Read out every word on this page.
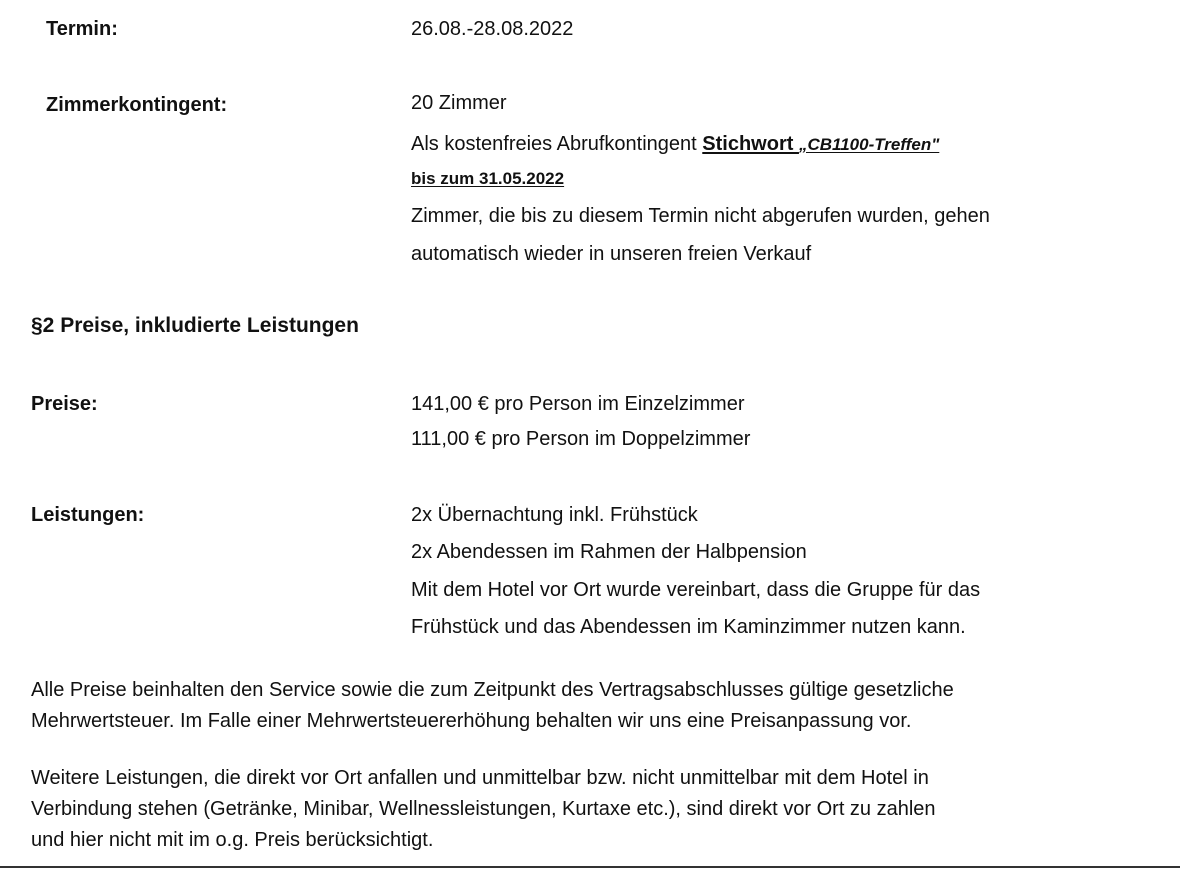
Termin:	26.08.-28.08.2022
Zimmerkontingent:	20 Zimmer
Als kostenfreies Abrufkontingent Stichwort „CB1100-Treffen"
bis zum 31.05.2022
Zimmer, die bis zu diesem Termin nicht abgerufen wurden, gehen
automatisch wieder in unseren freien Verkauf
§2 Preise, inkludierte Leistungen
Preise:	141,00 € pro Person im Einzelzimmer
111,00 € pro Person im Doppelzimmer
Leistungen:	2x Übernachtung inkl. Frühstück
2x Abendessen im Rahmen der Halbpension
Mit dem Hotel vor Ort wurde vereinbart, dass die Gruppe für das
Frühstück und das Abendessen im Kaminzimmer nutzen kann.
Alle Preise beinhalten den Service sowie die zum Zeitpunkt des Vertragsabschlusses gültige gesetzliche
Mehrwertsteuer. Im Falle einer Mehrwertsteuererhöhung behalten wir uns eine Preisanpassung vor.
Weitere Leistungen, die direkt vor Ort anfallen und unmittelbar bzw. nicht unmittelbar mit dem Hotel in
Verbindung stehen (Getränke, Minibar, Wellnessleistungen, Kurtaxe etc.), sind direkt vor Ort zu zahlen
und hier nicht mit im o.g. Preis berücksichtigt.
